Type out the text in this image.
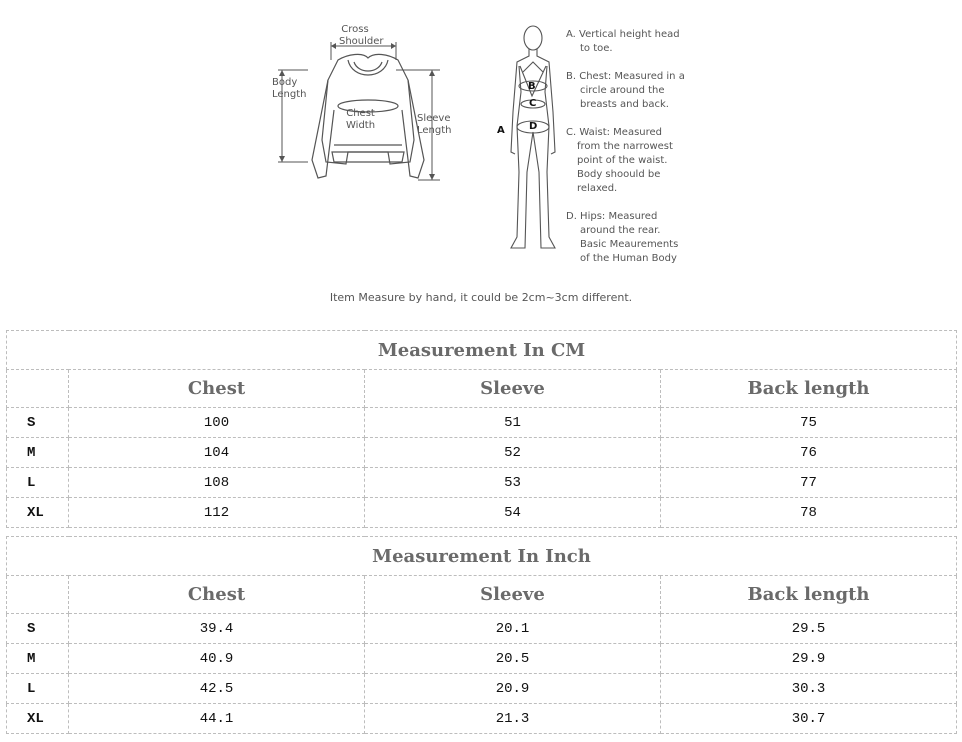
Cross
Shoulder
Body
Length
Chest
Width
Sleeve
Length
B
C
D
A
A. Vertical height head
to toe.
B. Chest: Measured in a
circle around the
breasts and back.
C. Waist: Measured
from the narrowest
point of the waist.
Body shoould be
relaxed.
D. Hips: Measured
around the rear.
Basic Meaurements
of the Human Body
Item Measure by hand, it could be 2cm~3cm different.
Measurement In CM			
	Chest	Sleeve	Back length
S	100	51	75
M	104	52	76
L	108	53	77
XL	112	54	78
Measurement In Inch			
	Chest	Sleeve	Back length
S	39.4	20.1	29.5
M	40.9	20.5	29.9
L	42.5	20.9	30.3
XL	44.1	21.3	30.7
